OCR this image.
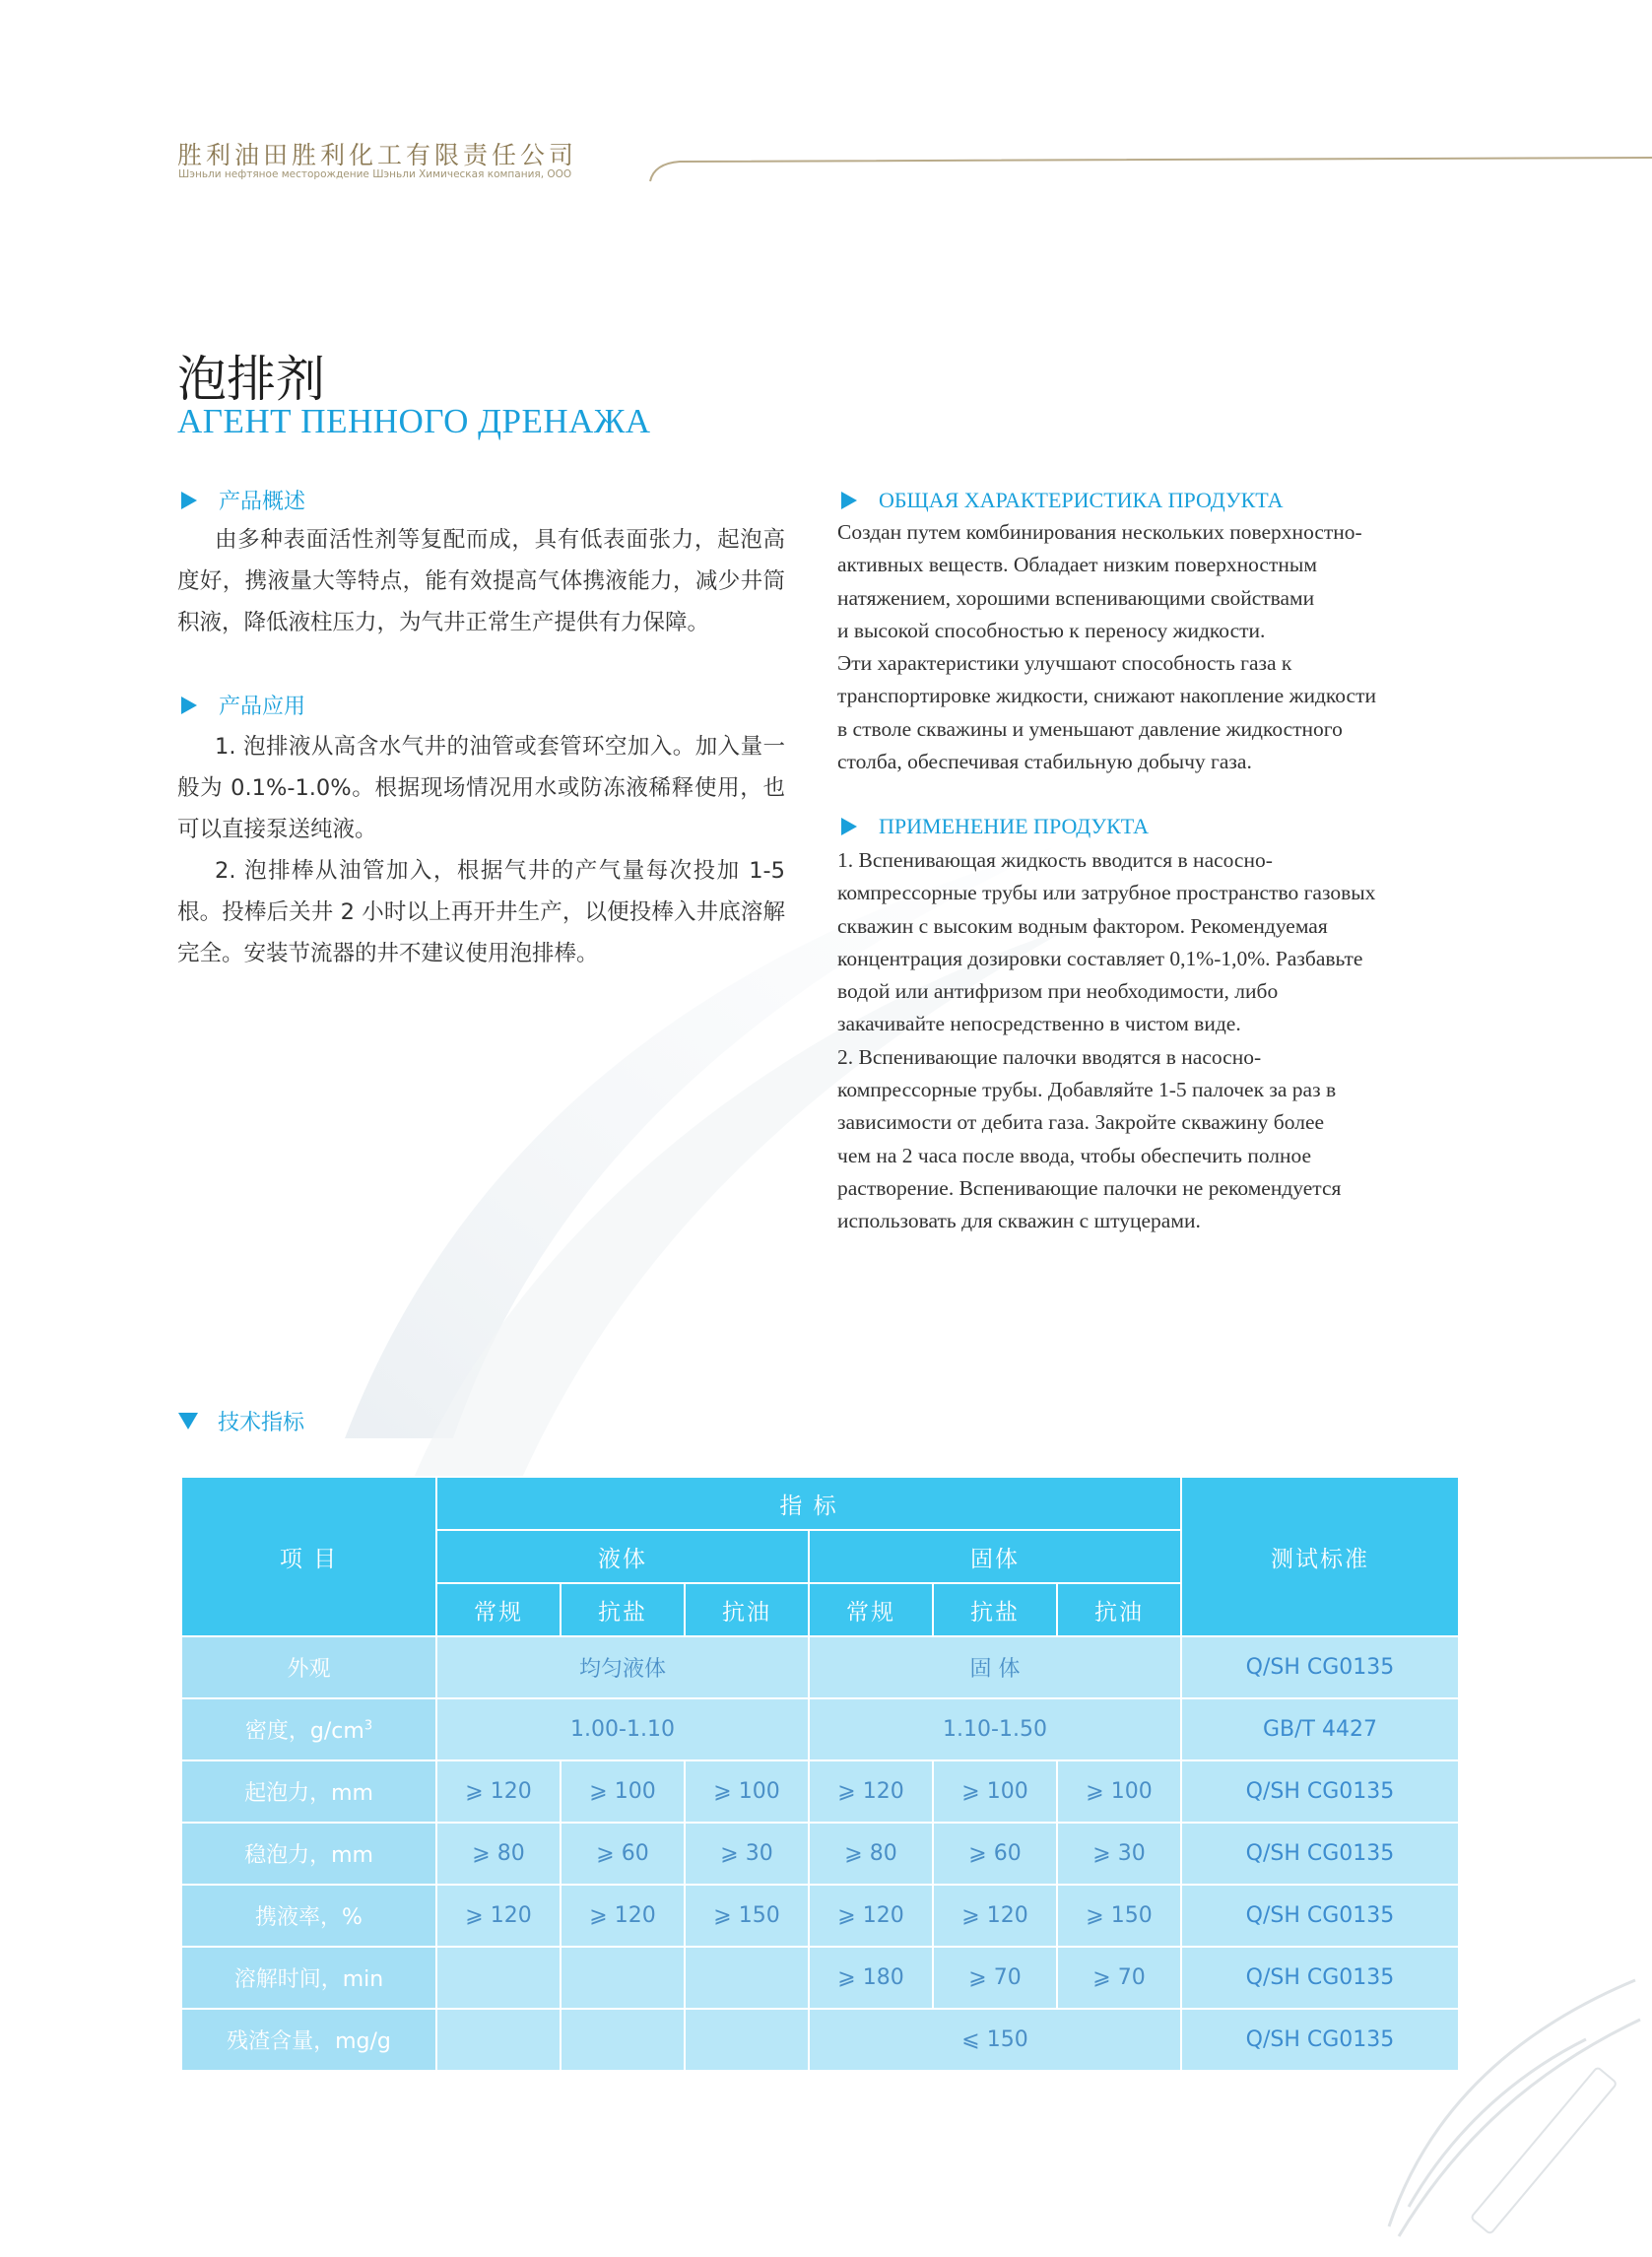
胜利油田胜利化工有限责任公司
Шэньли нефтяное месторождение Шэньли Химическая компания, ООО
泡排剂
АГЕНТ ПЕННОГО ДРЕНАЖА
产品概述

由多种表面活性剂等复配而成，具有低表面张力，起泡高度好，携液量大等特点，能有效提高气体携液能力，减少井筒积液，降低液柱压力，为气井正常生产提供有力保障。

产品应用

1. 泡排液从高含水气井的油管或套管环空加入。加入量一般为 0.1%-1.0%。根据现场情况用水或防冻液稀释使用，也可以直接泵送纯液。

2. 泡排棒从油管加入，根据气井的产气量每次投加 1-5 根。投棒后关井 2 小时以上再开井生产，以便投棒入井底溶解完全。安装节流器的井不建议使用泡排棒。

ОБЩАЯ ХАРАКТЕРИСТИКА ПРОДУКТА
Создан путем комбинирования нескольких поверхностно-
активных веществ. Обладает низким поверхностным
натяжением, хорошими вспенивающими свойствами
и высокой способностью к переносу жидкости.
Эти характеристики улучшают способность газа к
транспортировке жидкости, снижают накопление жидкости
в стволе скважины и уменьшают давление жидкостного
столба, обеспечивая стабильную добычу газа.
ПРИМЕНЕНИЕ ПРОДУКТА
1. Вспенивающая жидкость вводится в насосно-
компрессорные трубы или затрубное пространство газовых
скважин с высоким водным фактором. Рекомендуемая
концентрация дозировки составляет 0,1%-1,0%. Разбавьте
водой или антифризом при необходимости, либо
закачивайте непосредственно в чистом виде.
2. Вспенивающие палочки вводятся в насосно-
компрессорные трубы. Добавляйте 1-5 палочек за раз в
зависимости от дебита газа. Закройте скважину более
чем на 2 часа после ввода, чтобы обеспечить полное
растворение. Вспенивающие палочки не рекомендуется
использовать для скважин с штуцерами.
技术指标
项 目	指 标						测试标准
	液体			固体			
	常规	抗盐	抗油	常规	抗盐	抗油	
外观	均匀液体			固 体			Q/SH CG0135
密度，$g/cm^3$	1.00-1.10			1.10-1.50			GB/T 4427
起泡力，mm	⩾ 120	⩾ 100	⩾ 100	⩾ 120	⩾ 100	⩾ 100	Q/SH CG0135
稳泡力，mm	⩾ 80	⩾ 60	⩾ 30	⩾ 80	⩾ 60	⩾ 30	Q/SH CG0135
携液率，%	⩾ 120	⩾ 120	⩾ 150	⩾ 120	⩾ 120	⩾ 150	Q/SH CG0135
溶解时间，min				⩾ 180	⩾ 70	⩾ 70	Q/SH CG0135
残渣含量，mg/g				⩽ 150			Q/SH CG0135
